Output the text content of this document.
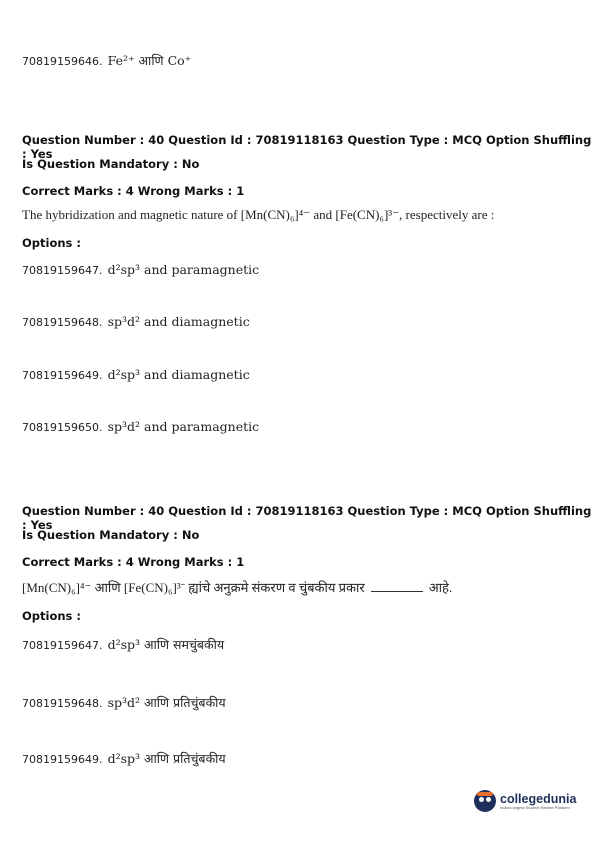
70819159646. Fe²⁺ आणि Co⁺
Question Number : 40 Question Id : 70819118163 Question Type : MCQ Option Shuffling : Yes
Is Question Mandatory : No
Correct Marks : 4 Wrong Marks : 1
The hybridization and magnetic nature of [Mn(CN)₆]⁴⁻ and [Fe(CN)₆]³⁻, respectively are :
Options :
70819159647. d²sp³ and paramagnetic
70819159648. sp³d² and diamagnetic
70819159649. d²sp³ and diamagnetic
70819159650. sp³d² and paramagnetic
Question Number : 40 Question Id : 70819118163 Question Type : MCQ Option Shuffling : Yes
Is Question Mandatory : No
Correct Marks : 4 Wrong Marks : 1
[Mn(CN)₆]⁴⁻ आणि [Fe(CN)₆]³⁻ ह्यांचे अनुक्रमे संकरण व चुंबकीय प्रकार	आहे.
Options :
70819159647. d²sp³ आणि समचुंबकीय
70819159648. sp³d² आणि प्रतिचुंबकीय
70819159649. d²sp³ आणि प्रतिचुंबकीय
collegedunia
India's largest Student Review Platform
